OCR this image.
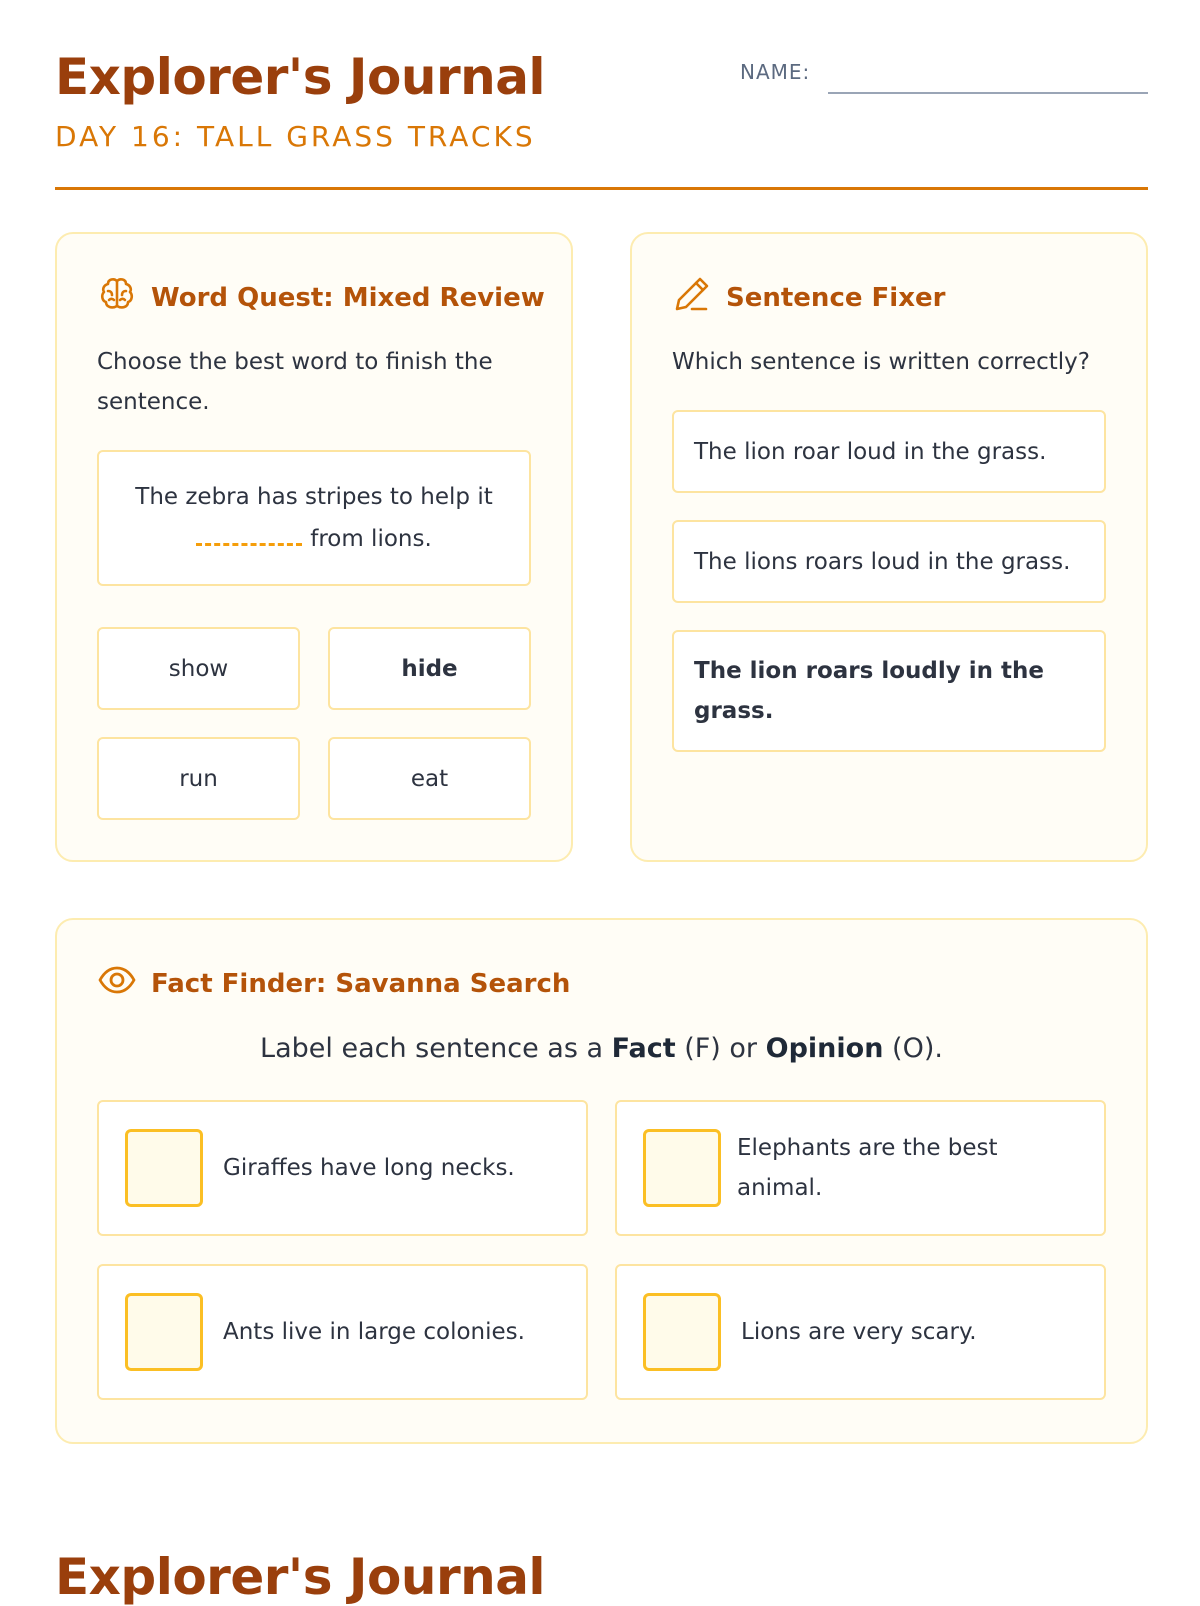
Explorer's Journal
DAY 16: TALL GRASS TRACKS
NAME:
Word Quest: Mixed Review
Choose the best word to finish the sentence.
The zebra has stripes to help it
from lions.
show	hide
run	eat
Sentence Fixer
Which sentence is written correctly?
The lion roar loud in the grass.
The lions roars loud in the grass.
The lion roars loudly in the grass.
Fact Finder: Savanna Search
Label each sentence as a Fact (F) or Opinion (O).
Giraffes have long necks.
Elephants are the best animal.
Ants live in large colonies.	Lions are very scary.
Explorer's Journal
